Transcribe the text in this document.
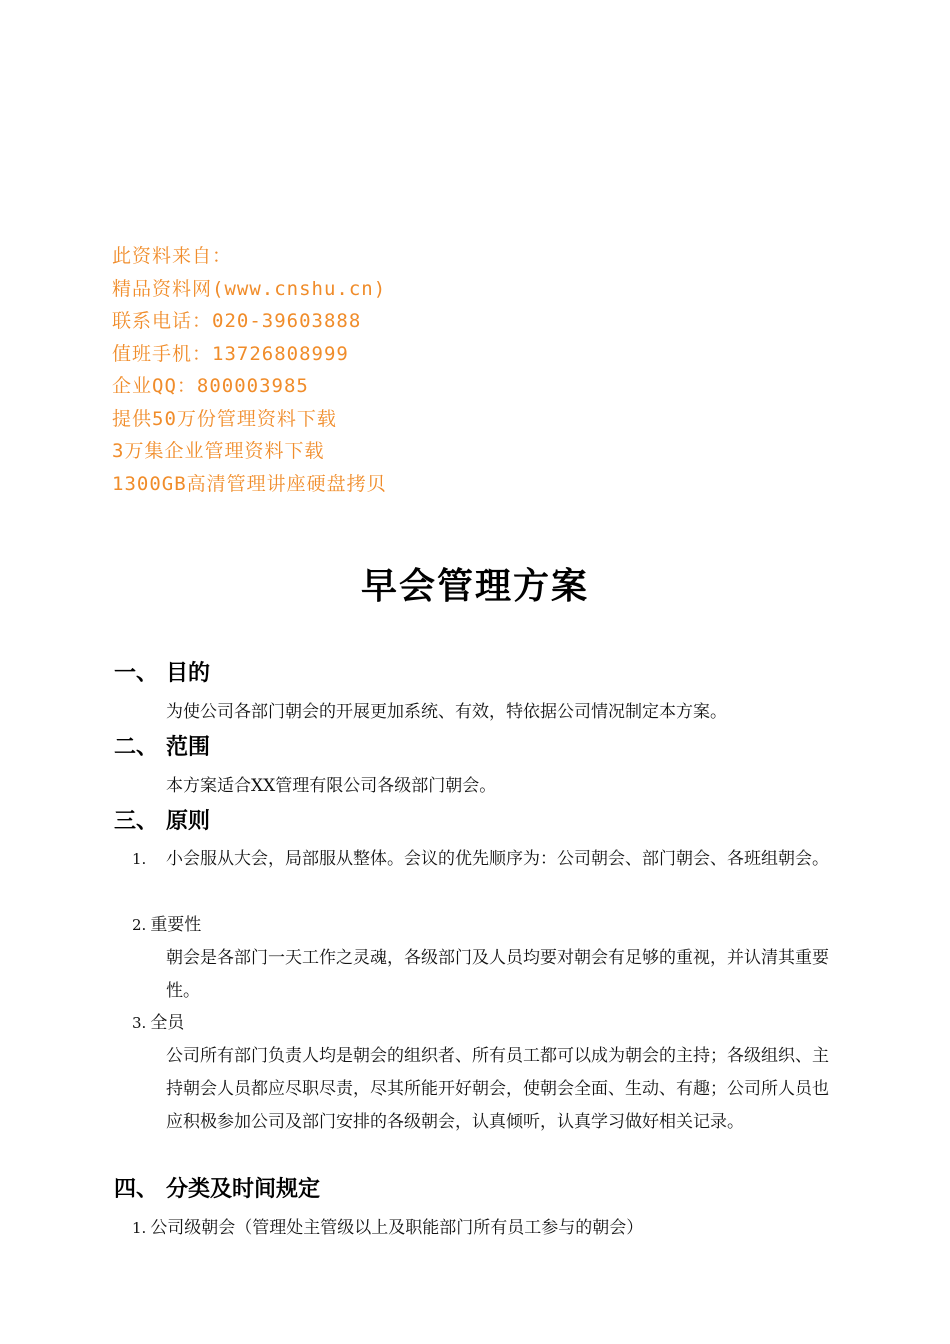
此资料来自：
精品资料网(www.cnshu.cn)
联系电话：020-39603888
值班手机：13726808999
企业QQ：800003985
提供50万份管理资料下载
3万集企业管理资料下载
1300GB高清管理讲座硬盘拷贝
早会管理方案
一、 目的
为使公司各部门朝会的开展更加系统、有效，特依据公司情况制定本方案。
二、 范围
本方案适合XX管理有限公司各级部门朝会。
三、 原则
1.	小会服从大会，局部服从整体。会议的优先顺序为：公司朝会、部门朝会、各班组朝会。
2. 重要性
朝会是各部门一天工作之灵魂，各级部门及人员均要对朝会有足够的重视，并认清其重要性。
3. 全员
公司所有部门负责人均是朝会的组织者、所有员工都可以成为朝会的主持；各级组织、主持朝会人员都应尽职尽责，尽其所能开好朝会，使朝会全面、生动、有趣；公司所人员也应积极参加公司及部门安排的各级朝会，认真倾听，认真学习做好相关记录。
四、 分类及时间规定
1. 公司级朝会（管理处主管级以上及职能部门所有员工参与的朝会）
